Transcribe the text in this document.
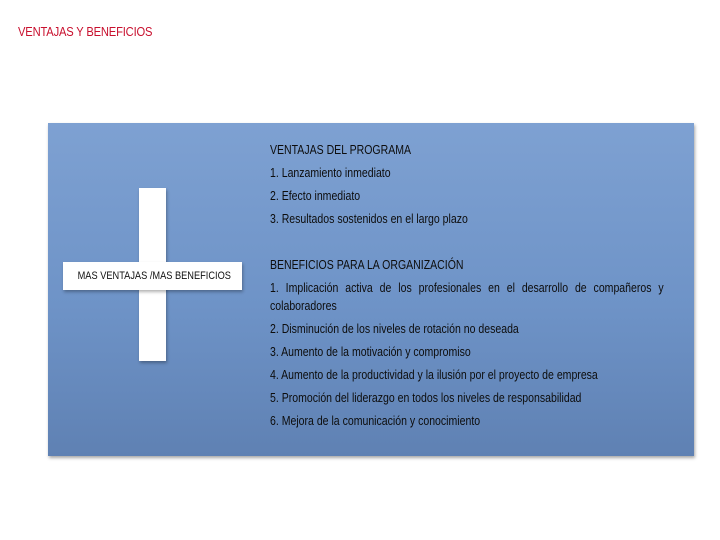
VENTAJAS Y BENEFICIOS
MAS VENTAJAS /MAS BENEFICIOS
VENTAJAS DEL PROGRAMA
1. Lanzamiento inmediato
2. Efecto inmediato
3. Resultados sostenidos en el largo plazo
BENEFICIOS PARA LA ORGANIZACIÓN
1. Implicación activa de los profesionales en el desarrollo de compañeros y colaboradores
2. Disminución de los niveles de rotación no deseada
3. Aumento de la motivación y compromiso
4. Aumento de la productividad y la ilusión por el proyecto de empresa
5. Promoción del liderazgo en todos los niveles de responsabilidad
6. Mejora de la comunicación y conocimiento
